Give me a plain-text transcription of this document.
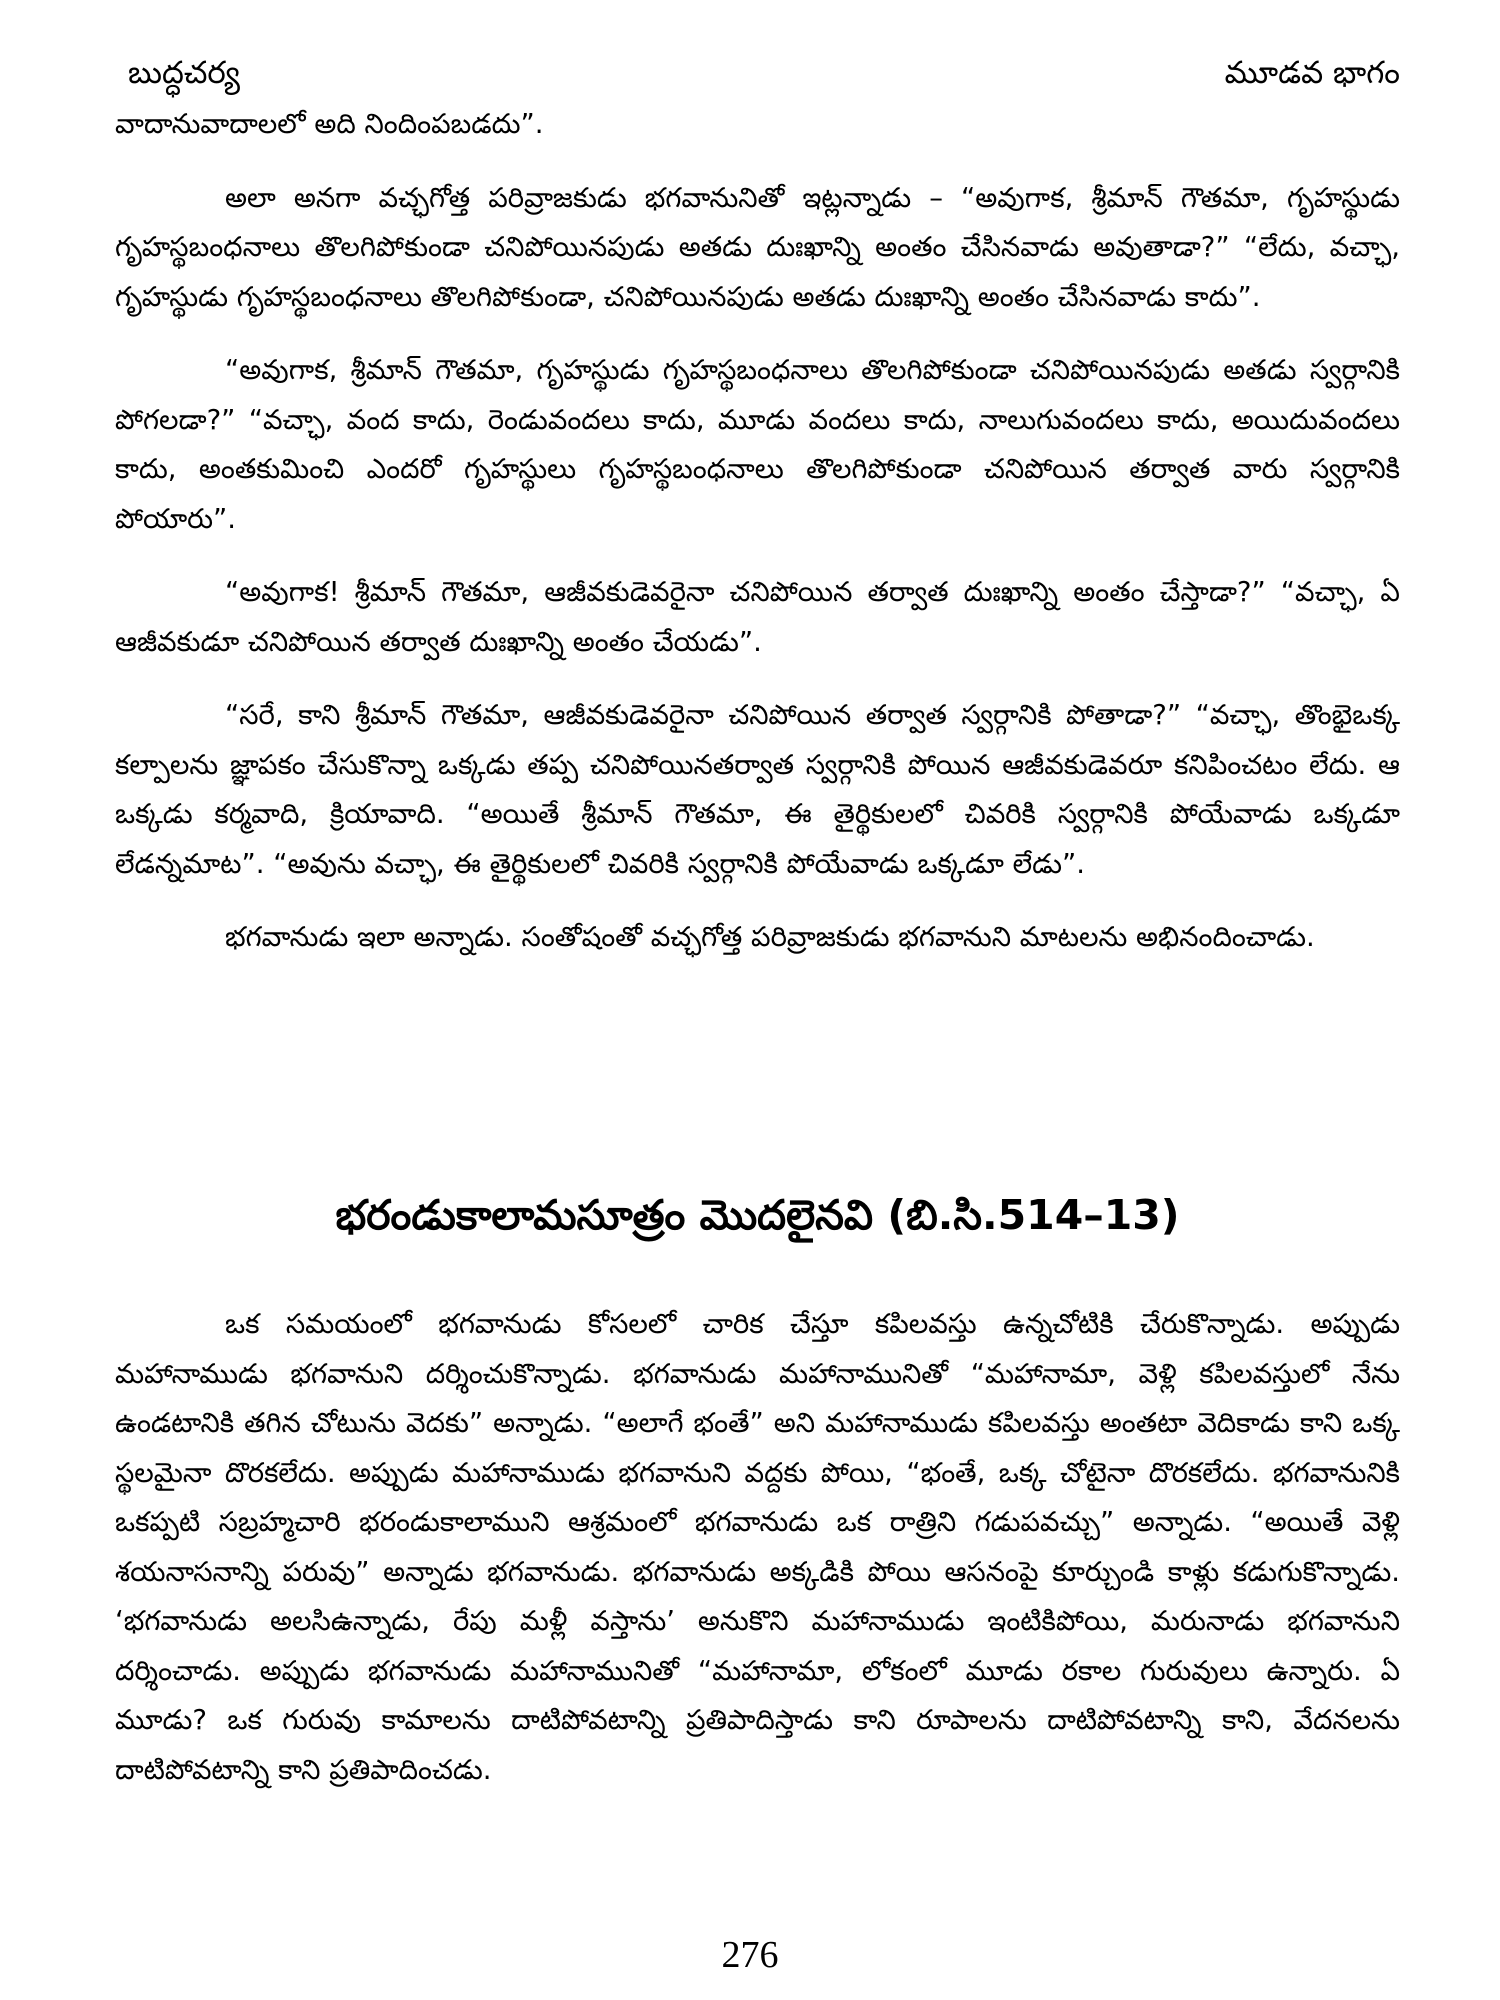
బుద్ధచర్య	మూడవ భాగం

వాదానువాదాలలో అది నిందింపబడదు”.

అలా అనగా వచ్ఛగోత్త పరివ్రాజకుడు భగవానునితో ఇట్లన్నాడు – “అవుగాక, శ్రీమాన్ గౌతమా, గృహస్థుడు గృహస్థబంధనాలు తొలగిపోకుండా చనిపోయినపుడు అతడు దుఃఖాన్ని అంతం చేసినవాడు అవుతాడా?” “లేదు, వచ్ఛా, గృహస్థుడు గృహస్థబంధనాలు తొలగిపోకుండా, చనిపోయినపుడు అతడు దుఃఖాన్ని అంతం చేసినవాడు కాదు”.

“అవుగాక, శ్రీమాన్ గౌతమా, గృహస్థుడు గృహస్థబంధనాలు తొలగిపోకుండా చనిపోయినపుడు అతడు స్వర్గానికి పోగలడా?” “వచ్ఛా, వంద కాదు, రెండువందలు కాదు, మూడు వందలు కాదు, నాలుగువందలు కాదు, అయిదువందలు కాదు, అంతకుమించి ఎందరో గృహస్థులు గృహస్థబంధనాలు తొలగిపోకుండా చనిపోయిన తర్వాత వారు స్వర్గానికి పోయారు”.

“అవుగాక! శ్రీమాన్ గౌతమా, ఆజీవకుడెవరైనా చనిపోయిన తర్వాత దుఃఖాన్ని అంతం చేస్తాడా?” “వచ్ఛా, ఏ ఆజీవకుడూ చనిపోయిన తర్వాత దుఃఖాన్ని అంతం చేయడు”.

“సరే, కాని శ్రీమాన్ గౌతమా, ఆజీవకుడెవరైనా చనిపోయిన తర్వాత స్వర్గానికి పోతాడా?” “వచ్ఛా, తొంభైఒక్క కల్పాలను జ్ఞాపకం చేసుకొన్నా ఒక్కడు తప్ప చనిపోయినతర్వాత స్వర్గానికి పోయిన ఆజీవకుడెవరూ కనిపించటం లేదు. ఆ ఒక్కడు కర్మవాది, క్రియావాది. “అయితే శ్రీమాన్ గౌతమా, ఈ తైర్థికులలో చివరికి స్వర్గానికి పోయేవాడు ఒక్కడూ లేడన్నమాట”. “అవును వచ్ఛా, ఈ తైర్థికులలో చివరికి స్వర్గానికి పోయేవాడు ఒక్కడూ లేడు”.

భగవానుడు ఇలా అన్నాడు. సంతోషంతో వచ్ఛగోత్త పరివ్రాజకుడు భగవానుని మాటలను అభినందించాడు.

భరండుకాలామసూత్రం మొదలైనవి (బి.సి.514–13)

ఒక సమయంలో భగవానుడు కోసలలో చారిక చేస్తూ కపిలవస్తు ఉన్నచోటికి చేరుకొన్నాడు. అప్పుడు మహానాముడు భగవానుని దర్శించుకొన్నాడు. భగవానుడు మహానామునితో “మహానామా, వెళ్లి కపిలవస్తులో నేను ఉండటానికి తగిన చోటును వెదకు” అన్నాడు. “అలాగే భంతే” అని మహానాముడు కపిలవస్తు అంతటా వెదికాడు కాని ఒక్క స్థలమైనా దొరకలేదు. అప్పుడు మహానాముడు భగవానుని వద్దకు పోయి, “భంతే, ఒక్క చోటైనా దొరకలేదు. భగవానునికి ఒకప్పటి సబ్రహ్మచారి భరండుకాలాముని ఆశ్రమంలో భగవానుడు ఒక రాత్రిని గడుపవచ్చు” అన్నాడు. “అయితే వెళ్లి శయనాసనాన్ని పరువు” అన్నాడు భగవానుడు. భగవానుడు అక్కడికి పోయి ఆసనంపై కూర్చుండి కాళ్లు కడుగుకొన్నాడు. ‘భగవానుడు అలసిఉన్నాడు, రేపు మళ్లీ వస్తాను’ అనుకొని మహానాముడు ఇంటికిపోయి, మరునాడు భగవానుని దర్శించాడు. అప్పుడు భగవానుడు మహానామునితో “మహానామా, లోకంలో మూడు రకాల గురువులు ఉన్నారు. ఏ మూడు? ఒక గురువు కామాలను దాటిపోవటాన్ని ప్రతిపాదిస్తాడు కాని రూపాలను దాటిపోవటాన్ని కాని, వేదనలను దాటిపోవటాన్ని కాని ప్రతిపాదించడు.

276
